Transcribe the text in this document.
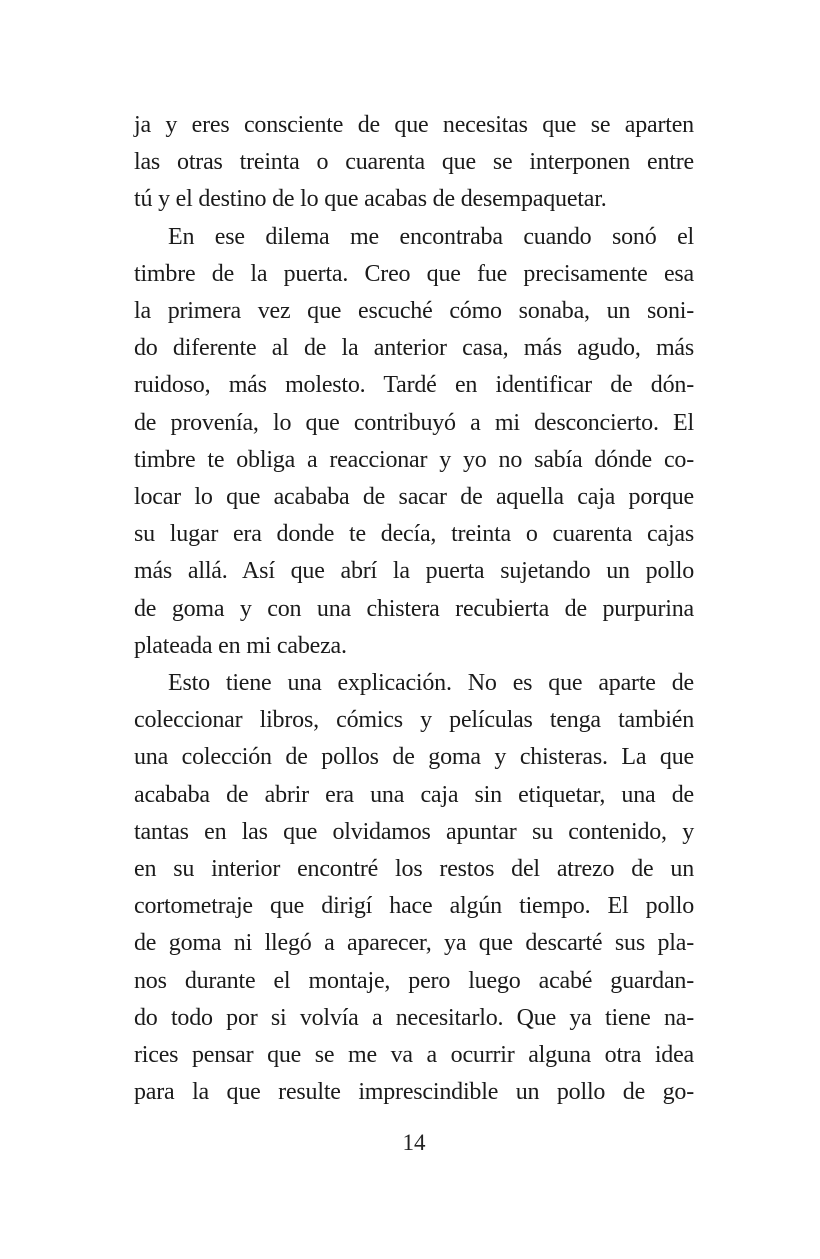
ja y eres consciente de que necesitas que se aparten
las otras treinta o cuarenta que se interponen entre
tú y el destino de lo que acabas de desempaquetar.
En ese dilema me encontraba cuando sonó el
timbre de la puerta. Creo que fue precisamente esa
la primera vez que escuché cómo sonaba, un soni-
do diferente al de la anterior casa, más agudo, más
ruidoso, más molesto. Tardé en identificar de dón-
de provenía, lo que contribuyó a mi desconcierto. El
timbre te obliga a reaccionar y yo no sabía dónde co-
locar lo que acababa de sacar de aquella caja porque
su lugar era donde te decía, treinta o cuarenta cajas
más allá. Así que abrí la puerta sujetando un pollo
de goma y con una chistera recubierta de purpurina
plateada en mi cabeza.
Esto tiene una explicación. No es que aparte de
coleccionar libros, cómics y películas tenga también
una colección de pollos de goma y chisteras. La que
acababa de abrir era una caja sin etiquetar, una de
tantas en las que olvidamos apuntar su contenido, y
en su interior encontré los restos del atrezo de un
cortometraje que dirigí hace algún tiempo. El pollo
de goma ni llegó a aparecer, ya que descarté sus pla-
nos durante el montaje, pero luego acabé guardan-
do todo por si volvía a necesitarlo. Que ya tiene na-
rices pensar que se me va a ocurrir alguna otra idea
para la que resulte imprescindible un pollo de go-
14
